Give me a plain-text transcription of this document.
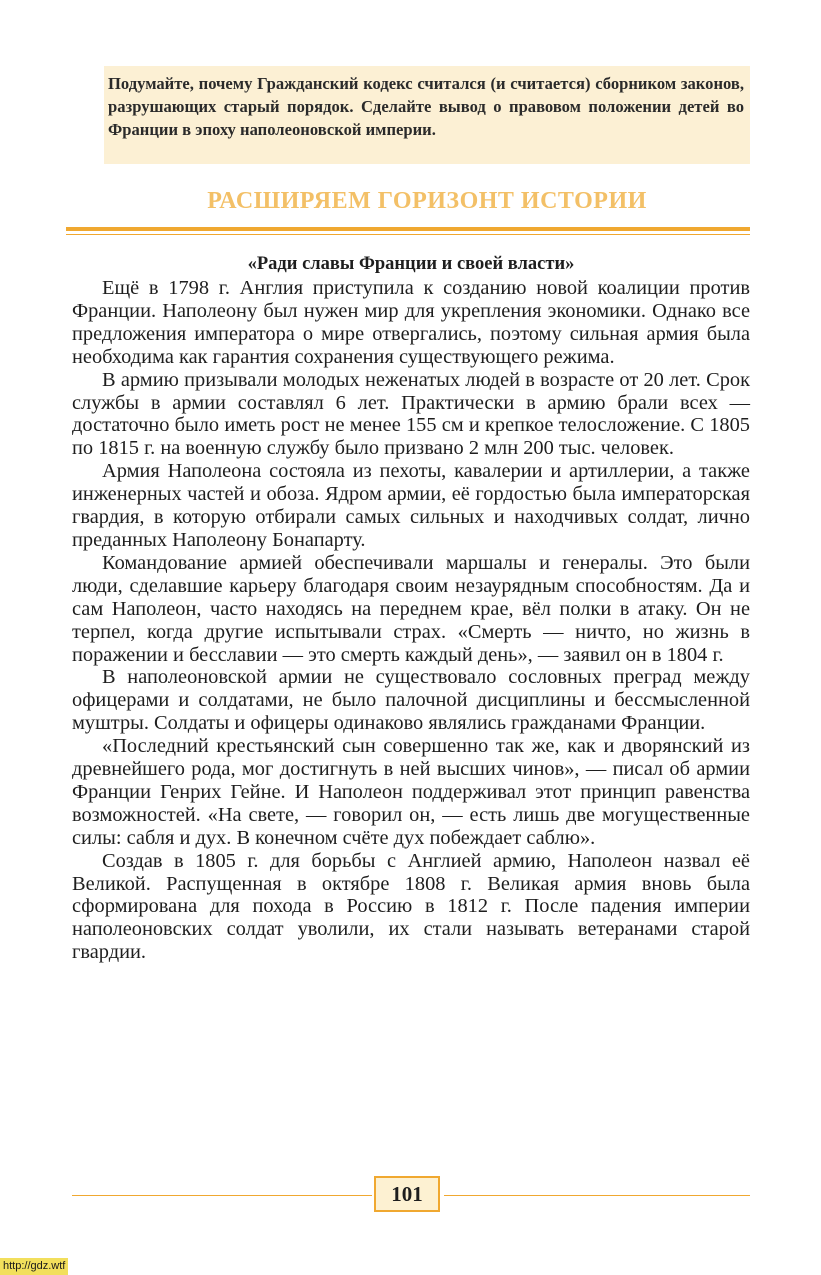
Подумайте, почему Гражданский кодекс считался (и считается) сборником законов, разрушающих старый порядок. Сделайте вывод о правовом положении детей во Франции в эпоху наполеоновской империи.
РАСШИРЯЕМ ГОРИЗОНТ ИСТОРИИ
«Ради славы Франции и своей власти»

Ещё в 1798 г. Англия приступила к созданию новой коалиции против Франции. Наполеону был нужен мир для укрепления экономики. Однако все предложения императора о мире отвергались, поэтому сильная армия была необходима как гарантия сохранения существующего режима.

В армию призывали молодых неженатых людей в возрасте от 20 лет. Срок службы в армии составлял 6 лет. Практически в армию брали всех — достаточно было иметь рост не менее 155 см и крепкое телосложение. С 1805 по 1815 г. на военную службу было призвано 2 млн 200 тыс. человек.

Армия Наполеона состояла из пехоты, кавалерии и артиллерии, а также инженерных частей и обоза. Ядром армии, её гордостью была императорская гвардия, в которую отбирали самых сильных и находчивых солдат, лично преданных Наполеону Бонапарту.

Командование армией обеспечивали маршалы и генералы. Это были люди, сделавшие карьеру благодаря своим незаурядным способностям. Да и сам Наполеон, часто находясь на переднем крае, вёл полки в атаку. Он не терпел, когда другие испытывали страх. «Смерть — ничто, но жизнь в поражении и бесславии — это смерть каждый день», — заявил он в 1804 г.

В наполеоновской армии не существовало сословных преград между офицерами и солдатами, не было палочной дисциплины и бессмысленной муштры. Солдаты и офицеры одинаково являлись гражданами Франции.

«Последний крестьянский сын совершенно так же, как и дворянский из древнейшего рода, мог достигнуть в ней высших чинов», — писал об армии Франции Генрих Гейне. И Наполеон поддерживал этот принцип равенства возможностей. «На свете, — говорил он, — есть лишь две могущественные силы: сабля и дух. В конечном счёте дух побеждает саблю».

Создав в 1805 г. для борьбы с Англией армию, Наполеон назвал её Великой. Распущенная в октябре 1808 г. Великая армия вновь была сформирована для похода в Россию в 1812 г. После падения империи наполеоновских солдат уволили, их стали называть ветеранами старой гвардии.

101
http://gdz.wtf
